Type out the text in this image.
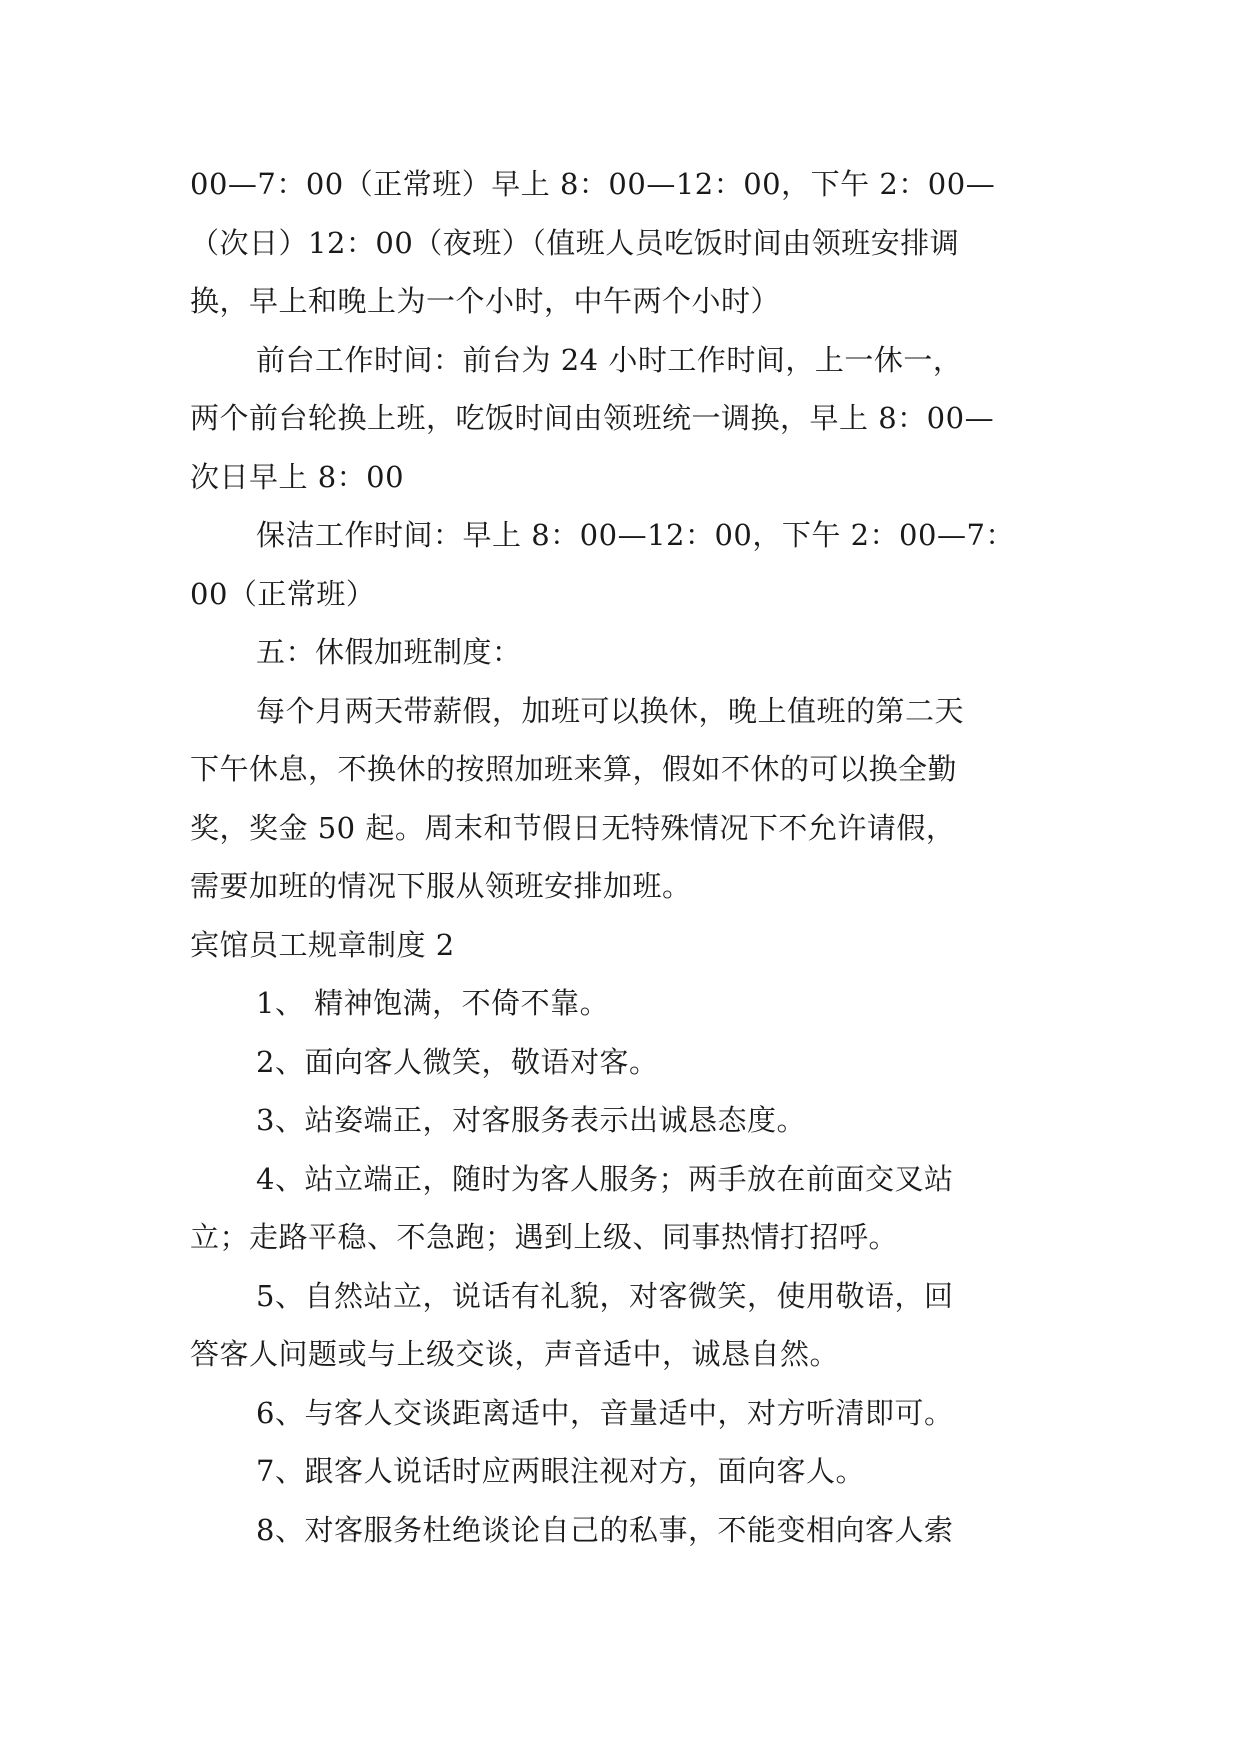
00—7：00（正常班）早上 8：00—12：00，下午 2：00—
（次日）12：00（夜班）（值班人员吃饭时间由领班安排调
换，早上和晚上为一个小时，中午两个小时）
前台工作时间：前台为 24 小时工作时间，上一休一，
两个前台轮换上班，吃饭时间由领班统一调换，早上 8：00—
次日早上 8：00
保洁工作时间：早上 8：00—12：00，下午 2：00—7：
00（正常班）
五：休假加班制度：
每个月两天带薪假，加班可以换休，晚上值班的第二天
下午休息，不换休的按照加班来算，假如不休的可以换全勤
奖，奖金 50 起。周末和节假日无特殊情况下不允许请假，
需要加班的情况下服从领班安排加班。
宾馆员工规章制度 2
1、 精神饱满，不倚不靠。
2、面向客人微笑，敬语对客。
3、站姿端正，对客服务表示出诚恳态度。
4、站立端正，随时为客人服务；两手放在前面交叉站
立；走路平稳、不急跑；遇到上级、同事热情打招呼。
5、自然站立，说话有礼貌，对客微笑，使用敬语，回
答客人问题或与上级交谈，声音适中，诚恳自然。
6、与客人交谈距离适中，音量适中，对方听清即可。
7、跟客人说话时应两眼注视对方，面向客人。
8、对客服务杜绝谈论自己的私事，不能变相向客人索
